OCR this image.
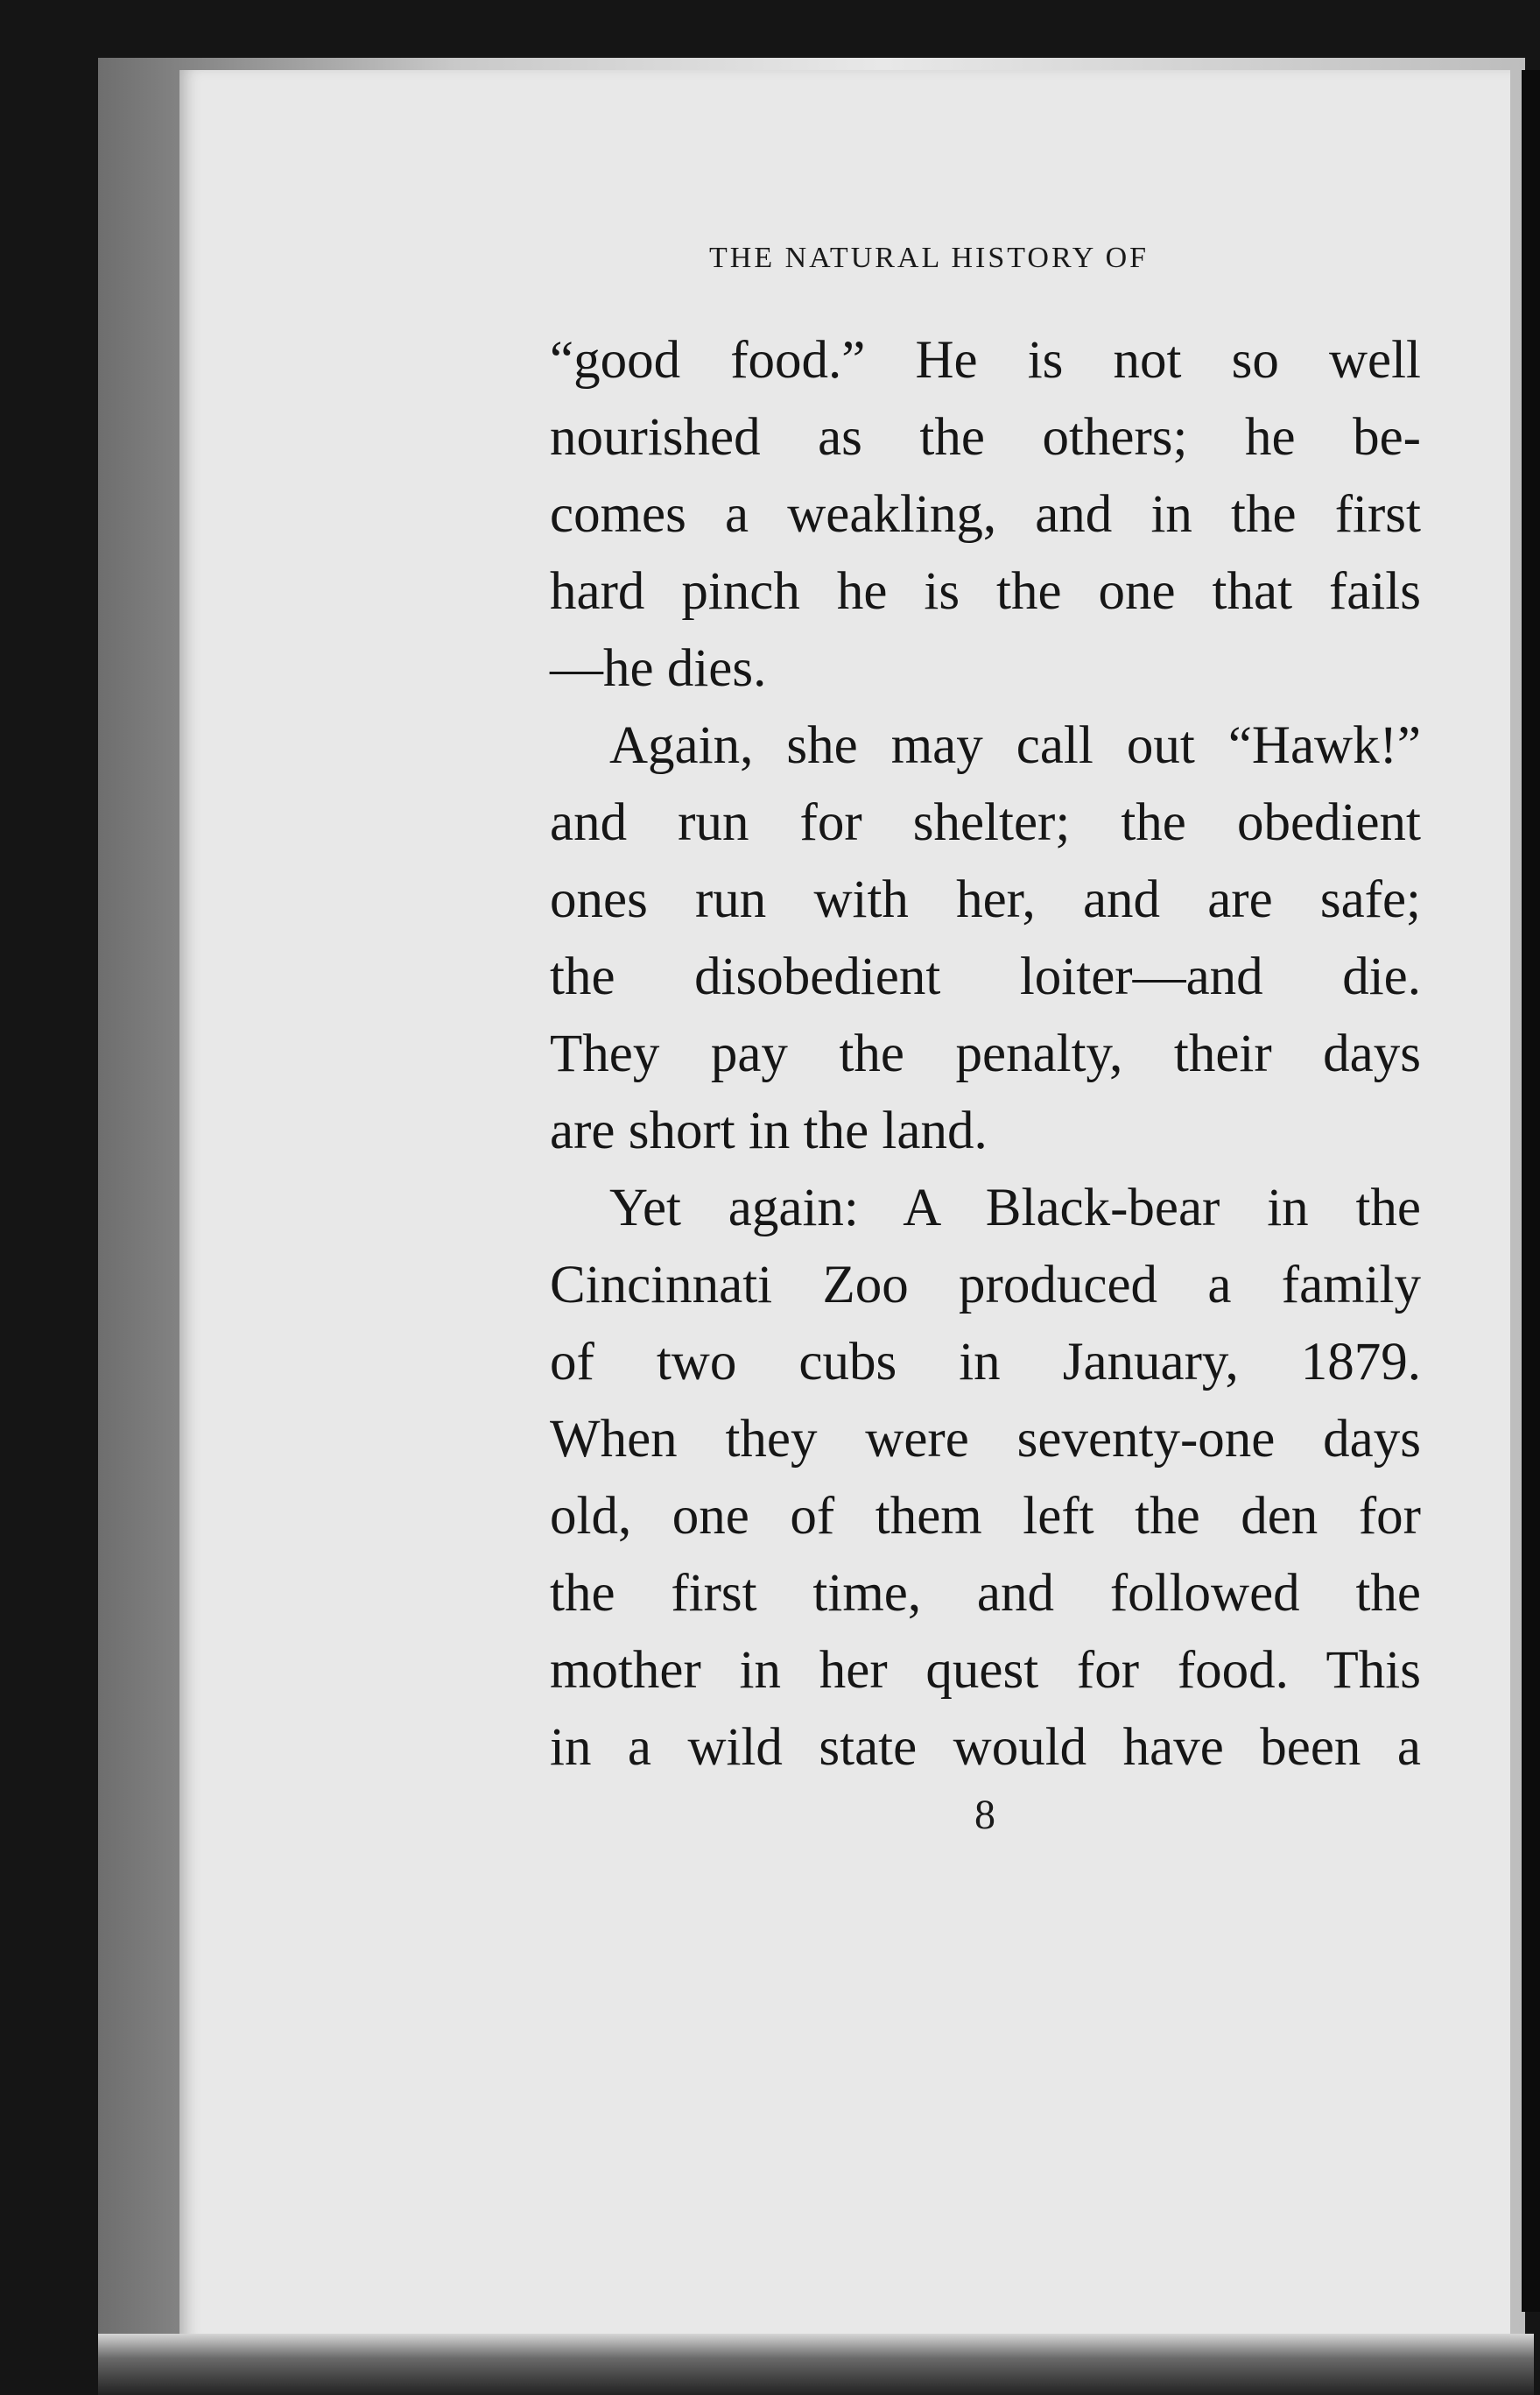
THE NATURAL HISTORY OF
“good food.” He is not so well
nourished as the others; he be-
comes a weakling, and in the first
hard pinch he is the one that fails
—he dies.
Again, she may call out “Hawk!”
and run for shelter; the obedient
ones run with her, and are safe;
the disobedient loiter—and die.
They pay the penalty, their days
are short in the land.
Yet again: A Black-bear in the
Cincinnati Zoo produced a family
of two cubs in January, 1879.
When they were seventy-one days
old, one of them left the den for
the first time, and followed the
mother in her quest for food. This
in a wild state would have been a
8
